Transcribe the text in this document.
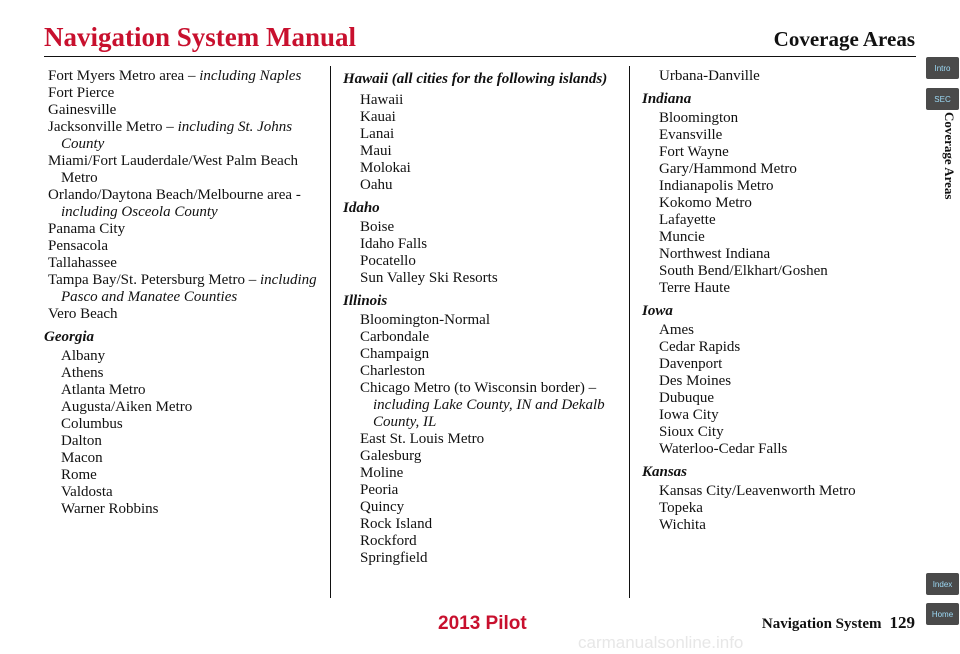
Navigation System Manual	Coverage Areas
Fort Myers Metro area – including Naples
Fort Pierce
Gainesville
Jacksonville Metro – including St. Johns County
Miami/Fort Lauderdale/West Palm Beach Metro
Orlando/Daytona Beach/Melbourne area - including Osceola County
Panama City
Pensacola
Tallahassee
Tampa Bay/St. Petersburg Metro – including Pasco and Manatee Counties
Vero Beach
Georgia
Albany
Athens
Atlanta Metro
Augusta/Aiken Metro
Columbus
Dalton
Macon
Rome
Valdosta
Warner Robbins
Hawaii (all cities for the following islands)
Hawaii
Kauai
Lanai
Maui
Molokai
Oahu
Idaho
Boise
Idaho Falls
Pocatello
Sun Valley Ski Resorts
Illinois
Bloomington-Normal
Carbondale
Champaign
Charleston
Chicago Metro (to Wisconsin border) – including Lake County, IN and Dekalb County, IL
East St. Louis Metro
Galesburg
Moline
Peoria
Quincy
Rock Island
Rockford
Springfield
Urbana-Danville
Indiana
Bloomington
Evansville
Fort Wayne
Gary/Hammond Metro
Indianapolis Metro
Kokomo Metro
Lafayette
Muncie
Northwest Indiana
South Bend/Elkhart/Goshen
Terre Haute
Iowa
Ames
Cedar Rapids
Davenport
Des Moines
Dubuque
Iowa City
Sioux City
Waterloo-Cedar Falls
Kansas
Kansas City/Leavenworth Metro
Topeka
Wichita
Intro
SEC
Coverage Areas
Index
Home
2013 Pilot	Navigation System 129
carmanualsonline.info
